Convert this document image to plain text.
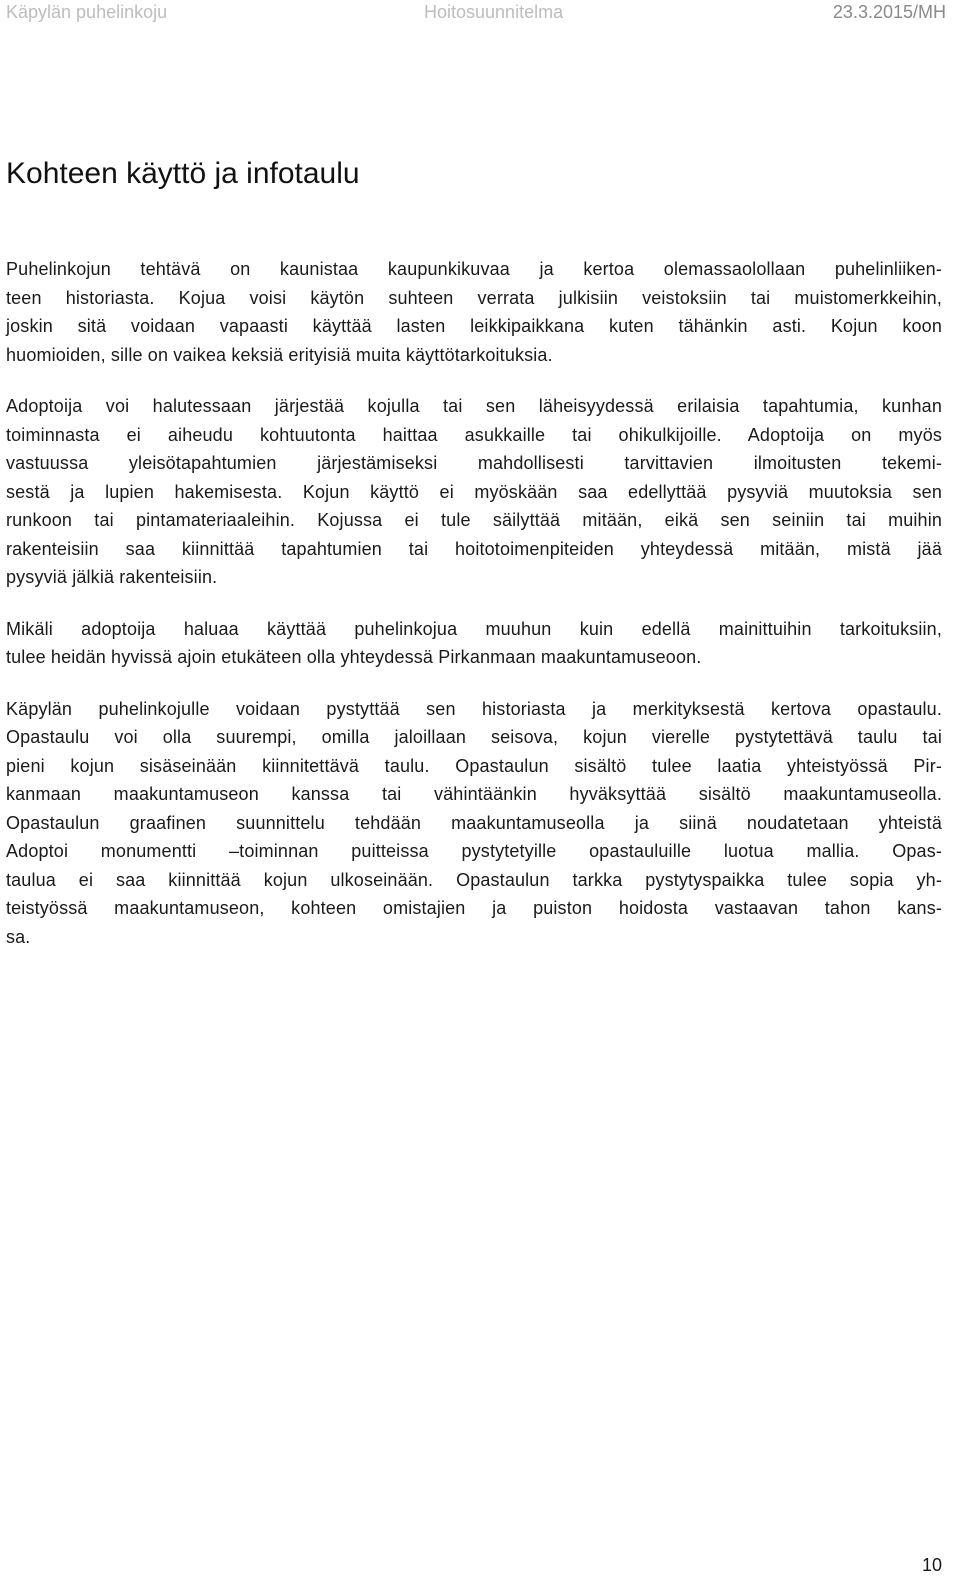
Käpylän puhelinkoju	Hoitosuunnitelma	23.3.2015/MH
Kohteen käyttö ja infotaulu

Puhelinkojun tehtävä on kaunistaa kaupunkikuvaa ja kertoa olemassaolollaan puhelinliiken-
teen historiasta. Kojua voisi käytön suhteen verrata julkisiin veistoksiin tai muistomerkkeihin,
joskin sitä voidaan vapaasti käyttää lasten leikkipaikkana kuten tähänkin asti. Kojun koon
huomioiden, sille on vaikea keksiä erityisiä muita käyttötarkoituksia.

Adoptoija voi halutessaan järjestää kojulla tai sen läheisyydessä erilaisia tapahtumia, kunhan
toiminnasta ei aiheudu kohtuutonta haittaa asukkaille tai ohikulkijoille. Adoptoija on myös
vastuussa yleisötapahtumien järjestämiseksi mahdollisesti tarvittavien ilmoitusten tekemi-
sestä ja lupien hakemisesta. Kojun käyttö ei myöskään saa edellyttää pysyviä muutoksia sen
runkoon tai pintamateriaaleihin. Kojussa ei tule säilyttää mitään, eikä sen seiniin tai muihin
rakenteisiin saa kiinnittää tapahtumien tai hoitotoimenpiteiden yhteydessä mitään, mistä jää
pysyviä jälkiä rakenteisiin.

Mikäli adoptoija haluaa käyttää puhelinkojua muuhun kuin edellä mainittuihin tarkoituksiin,
tulee heidän hyvissä ajoin etukäteen olla yhteydessä Pirkanmaan maakuntamuseoon.

Käpylän puhelinkojulle voidaan pystyttää sen historiasta ja merkityksestä kertova opastaulu.
Opastaulu voi olla suurempi, omilla jaloillaan seisova, kojun vierelle pystytettävä taulu tai
pieni kojun sisäseinään kiinnitettävä taulu. Opastaulun sisältö tulee laatia yhteistyössä Pir-
kanmaan maakuntamuseon kanssa tai vähintäänkin hyväksyttää sisältö maakuntamuseolla.
Opastaulun graafinen suunnittelu tehdään maakuntamuseolla ja siinä noudatetaan yhteistä
Adoptoi monumentti –toiminnan puitteissa pystytetyille opastauluille luotua mallia. Opas-
taulua ei saa kiinnittää kojun ulkoseinään. Opastaulun tarkka pystytyspaikka tulee sopia yh-
teistyössä maakuntamuseon, kohteen omistajien ja puiston hoidosta vastaavan tahon kans-
sa.

10
